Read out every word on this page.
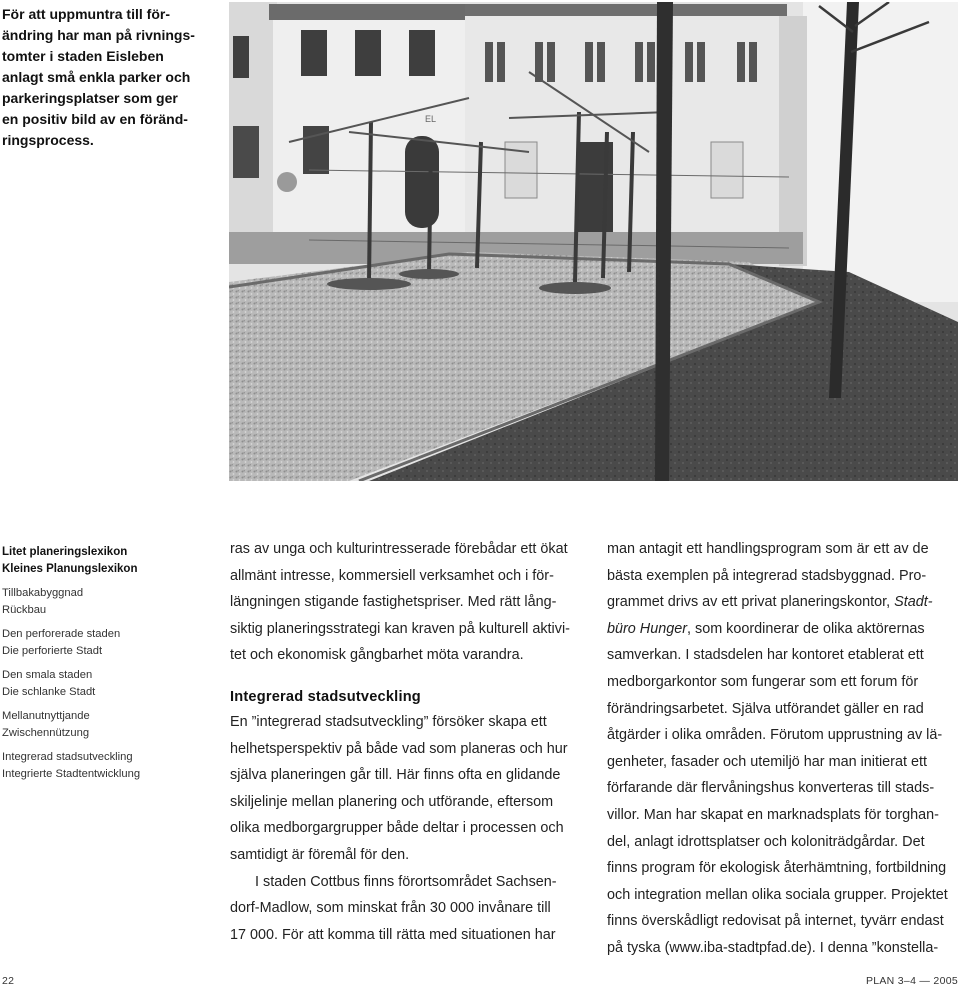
För att uppmuntra till för-
ändring har man på rivnings-
tomter i staden Eisleben
anlagt små enkla parker och
parkeringsplatser som ger
en positiv bild av en föränd-
ringsprocess.
EL
Litet planeringslexikon
Kleines Planungslexikon
Tillbakabyggnad
Rückbau
Den perforerade staden
Die perforierte Stadt
Den smala staden
Die schlanke Stadt
Mellanutnyttjande
Zwischennützung
Integrerad stadsutveckling
Integrierte Stadtentwicklung
ras av unga och kulturintresserade förebådar ett ökat
allmänt intresse, kommersiell verksamhet och i för-
längningen stigande fastighetspriser. Med rätt lång-
siktig planeringsstrategi kan kraven på kulturell aktivi-
tet och ekonomisk gångbarhet möta varandra.
Integrerad stadsutveckling
En ”integrerad stadsutveckling” försöker skapa ett
helhetsperspektiv på både vad som planeras och hur
själva planeringen går till. Här finns ofta en glidande
skiljelinje mellan planering och utförande, eftersom
olika medborgargrupper både deltar i processen och
samtidigt är föremål för den.
I staden Cottbus finns förortsområdet Sachsen-
dorf-Madlow, som minskat från 30 000 invånare till
17 000. För att komma till rätta med situationen har
man antagit ett handlingsprogram som är ett av de
bästa exemplen på integrerad stadsbyggnad. Pro-
grammet drivs av ett privat planeringskontor, Stadt-
büro Hunger, som koordinerar de olika aktörernas
samverkan. I stadsdelen har kontoret etablerat ett
medborgarkontor som fungerar som ett forum för
förändringsarbetet. Själva utförandet gäller en rad
åtgärder i olika områden. Förutom upprustning av lä-
genheter, fasader och utemiljö har man initierat ett
förfarande där flervåningshus konverteras till stads-
villor. Man har skapat en marknadsplats för torghan-
del, anlagt idrottsplatser och koloniträdgårdar. Det
finns program för ekologisk återhämtning, fortbildning
och integration mellan olika sociala grupper. Projektet
finns överskådligt redovisat på internet, tyvärr endast
på tyska (www.iba-stadtpfad.de). I denna ”konstella-
22	PLAN 3–4 — 2005
